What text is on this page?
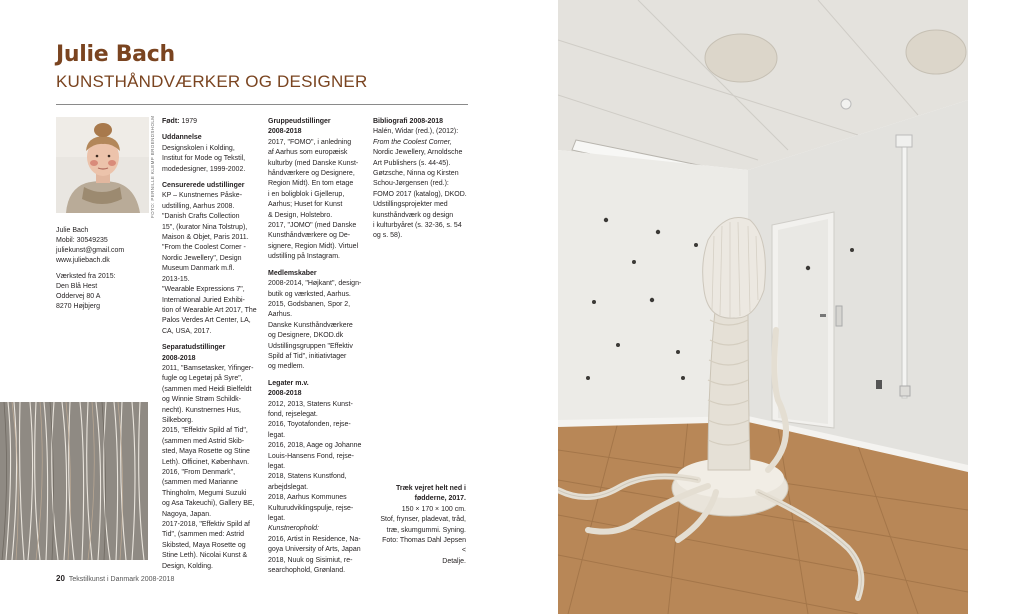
Julie Bach
KUNSTHÅNDVÆRKER OG DESIGNER
FOTO: PERNILLE KLEMP BROENDSHOLM
Julie Bach
Mobil: 30549235
juliekunst@gmail.com
www.juliebach.dk
Værksted fra 2015:
Den Blå Hest
Oddervej 80 A
8270 Højbjerg

Født: 1979

Uddannelse

Designskolen i Kolding,

Institut for Mode og Tekstil,

modedesigner, 1999-2002.

Censurerede udstillinger

KP – Kunstnernes Påske-

udstilling, Aarhus 2008.

"Danish Crafts Collection

15", (kurator Nina Tolstrup),

Maison & Objet, Paris 2011.

"From the Coolest Corner -

Nordic Jewellery", Design

Museum Danmark m.fl.

2013-15.

"Wearable Expressions 7",

International Juried Exhibi-

tion of Wearable Art 2017, The

Palos Verdes Art Center, LA,

CA, USA, 2017.

Separatudstillinger

2008-2018

2011, "Bamsetasker, Yifinger-

fugle og Legetøj på Syre",

(sammen med Heidi Bielfeldt

og Winnie Strøm Schildk-

necht). Kunstnernes Hus,

Silkeborg.

2015, "Effektiv Spild af Tid",

(sammen med Astrid Skib-

sted, Maya Rosette og Stine

Leth). Officinet, København.

2016, "From Denmark",

(sammen med Marianne

Thingholm, Megumi Suzuki

og Asa Takeuchi), Gallery BE,

Nagoya, Japan.

2017-2018, "Effektiv Spild af

Tid", (sammen med: Astrid

Skibsted, Maya Rosette og

Stine Leth). Nicolai Kunst &

Design, Kolding.

Gruppeudstillinger

2008-2018

2017, "FOMO", i anledning

af Aarhus som europæisk

kulturby (med Danske Kunst-

håndværkere og Designere,

Region Midt). En tom etage

i en boligblok i Gjellerup,

Aarhus; Huset for Kunst

& Design, Holstebro.

2017, "JOMO" (med Danske

Kunsthåndværkere og De-

signere, Region Midt). Virtuel

udstilling på Instagram.

Medlemskaber

2008-2014, "Højkant", design-

butik og værksted, Aarhus.

2015, Godsbanen, Spor 2,

Aarhus.

Danske Kunsthåndværkere

og Designere, DKOD.dk

Udstillingsgruppen "Effektiv

Spild af Tid", initiativtager

og medlem.

Legater m.v.

2008-2018

2012, 2013, Statens Kunst-

fond, rejselegat.

2016, Toyotafonden, rejse-

legat.

2016, 2018, Aage og Johanne

Louis-Hansens Fond, rejse-

legat.

2018, Statens Kunstfond,

arbejdslegat.

2018, Aarhus Kommunes

Kulturudviklingspulje, rejse-

legat.

Kunstnerophold:

2016, Artist in Residence, Na-

goya University of Arts, Japan

2018, Nuuk og Sisimiut, re-

searchophold, Grønland.

Bibliografi 2008-2018

Halén, Widar (red.), (2012):

From the Coolest Corner,

Nordic Jewellery, Arnoldsche

Art Publishers (s. 44-45).

Gøtzsche, Ninna og Kirsten

Schou-Jørgensen (red.):

FOMO 2017 (katalog), DKOD.

Udstillingsprojekter med

kunsthåndværk og design

i kulturbyåret (s. 32-36, s. 54

og s. 58).

Træk vejret helt ned i

fødderne, 2017.

150 × 170 × 100 cm.

Stof, frynser, pladevat, tråd,

træ, skumgummi. Syning.

Foto: Thomas Dahl Jepsen

<

Detalje.

20 Tekstilkunst i Danmark 2008-2018
